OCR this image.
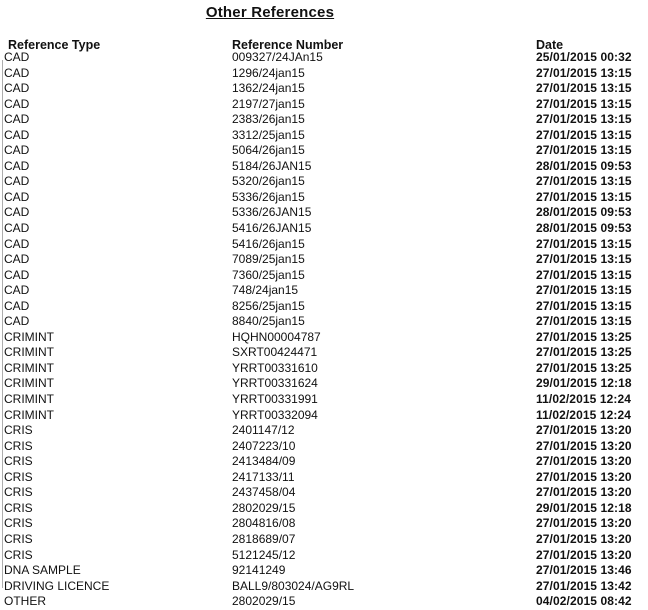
Other References
Reference Type	Reference Number	Date
CAD	009327/24JAn15	25/01/2015 00:32
CAD	1296/24jan15	27/01/2015 13:15
CAD	1362/24jan15	27/01/2015 13:15
CAD	2197/27jan15	27/01/2015 13:15
CAD	2383/26jan15	27/01/2015 13:15
CAD	3312/25jan15	27/01/2015 13:15
CAD	5064/26jan15	27/01/2015 13:15
CAD	5184/26JAN15	28/01/2015 09:53
CAD	5320/26jan15	27/01/2015 13:15
CAD	5336/26jan15	27/01/2015 13:15
CAD	5336/26JAN15	28/01/2015 09:53
CAD	5416/26JAN15	28/01/2015 09:53
CAD	5416/26jan15	27/01/2015 13:15
CAD	7089/25jan15	27/01/2015 13:15
CAD	7360/25jan15	27/01/2015 13:15
CAD	748/24jan15	27/01/2015 13:15
CAD	8256/25jan15	27/01/2015 13:15
CAD	8840/25jan15	27/01/2015 13:15
CRIMINT	HQHN00004787	27/01/2015 13:25
CRIMINT	SXRT00424471	27/01/2015 13:25
CRIMINT	YRRT00331610	27/01/2015 13:25
CRIMINT	YRRT00331624	29/01/2015 12:18
CRIMINT	YRRT00331991	11/02/2015 12:24
CRIMINT	YRRT00332094	11/02/2015 12:24
CRIS	2401147/12	27/01/2015 13:20
CRIS	2407223/10	27/01/2015 13:20
CRIS	2413484/09	27/01/2015 13:20
CRIS	2417133/11	27/01/2015 13:20
CRIS	2437458/04	27/01/2015 13:20
CRIS	2802029/15	29/01/2015 12:18
CRIS	2804816/08	27/01/2015 13:20
CRIS	2818689/07	27/01/2015 13:20
CRIS	5121245/12	27/01/2015 13:20
DNA SAMPLE	92141249	27/01/2015 13:46
DRIVING LICENCE	BALL9/803024/AG9RL	27/01/2015 13:42
OTHER	2802029/15	04/02/2015 08:42
